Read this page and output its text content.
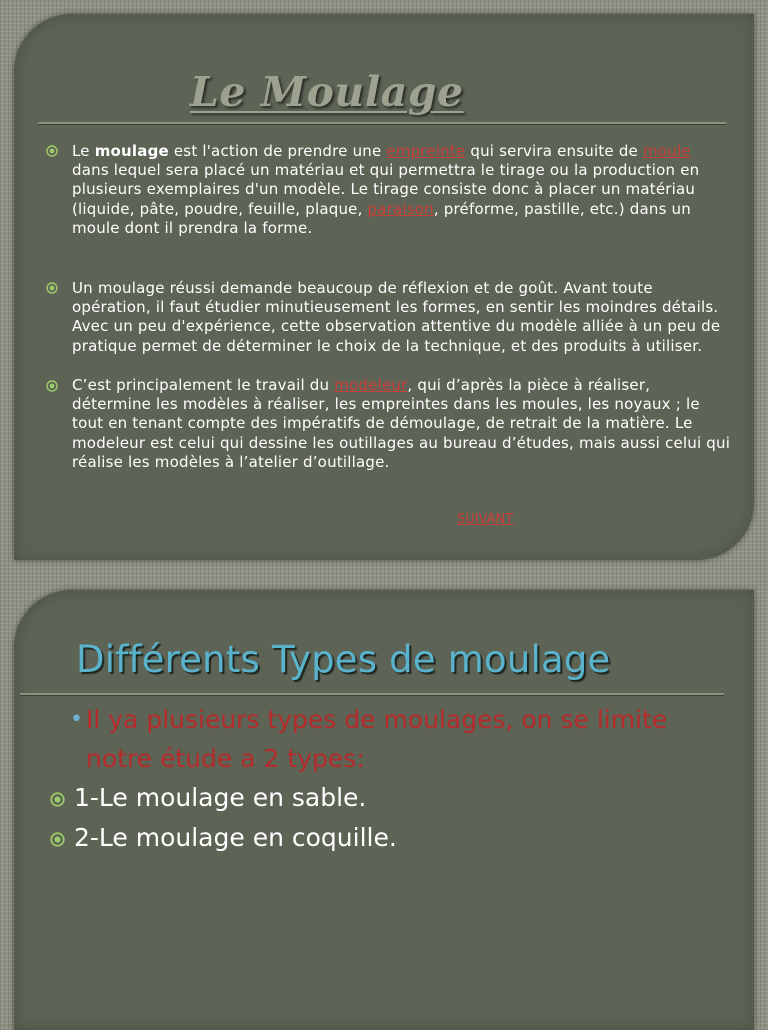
Le Moulage

Le moulage est l'action de prendre une empreinte qui servira ensuite de moule dans lequel sera placé un matériau et qui permettra le tirage ou la production en plusieurs exemplaires d'un modèle. Le tirage consiste donc à placer un matériau (liquide, pâte, poudre, feuille, plaque, paraison, préforme, pastille, etc.) dans un moule dont il prendra la forme.

Un moulage réussi demande beaucoup de réflexion et de goût. Avant toute opération, il faut étudier minutieusement les formes, en sentir les moindres détails. Avec un peu d'expérience, cette observation attentive du modèle alliée à un peu de pratique permet de déterminer le choix de la technique, et des produits à utiliser.

C’est principalement le travail du modeleur, qui d’après la pièce à réaliser, détermine les modèles à réaliser, les empreintes dans les moules, les noyaux ; le tout en tenant compte des impératifs de démoulage, de retrait de la matière. Le modeleur est celui qui dessine les outillages au bureau d’études, mais aussi celui qui réalise les modèles à l’atelier d’outillage.

SUIVANT
Différents Types de moulage

• Il ya plusieurs types de moulages, on se limite notre étude a 2 types:

1-Le moulage en sable.

2-Le moulage en coquille.
